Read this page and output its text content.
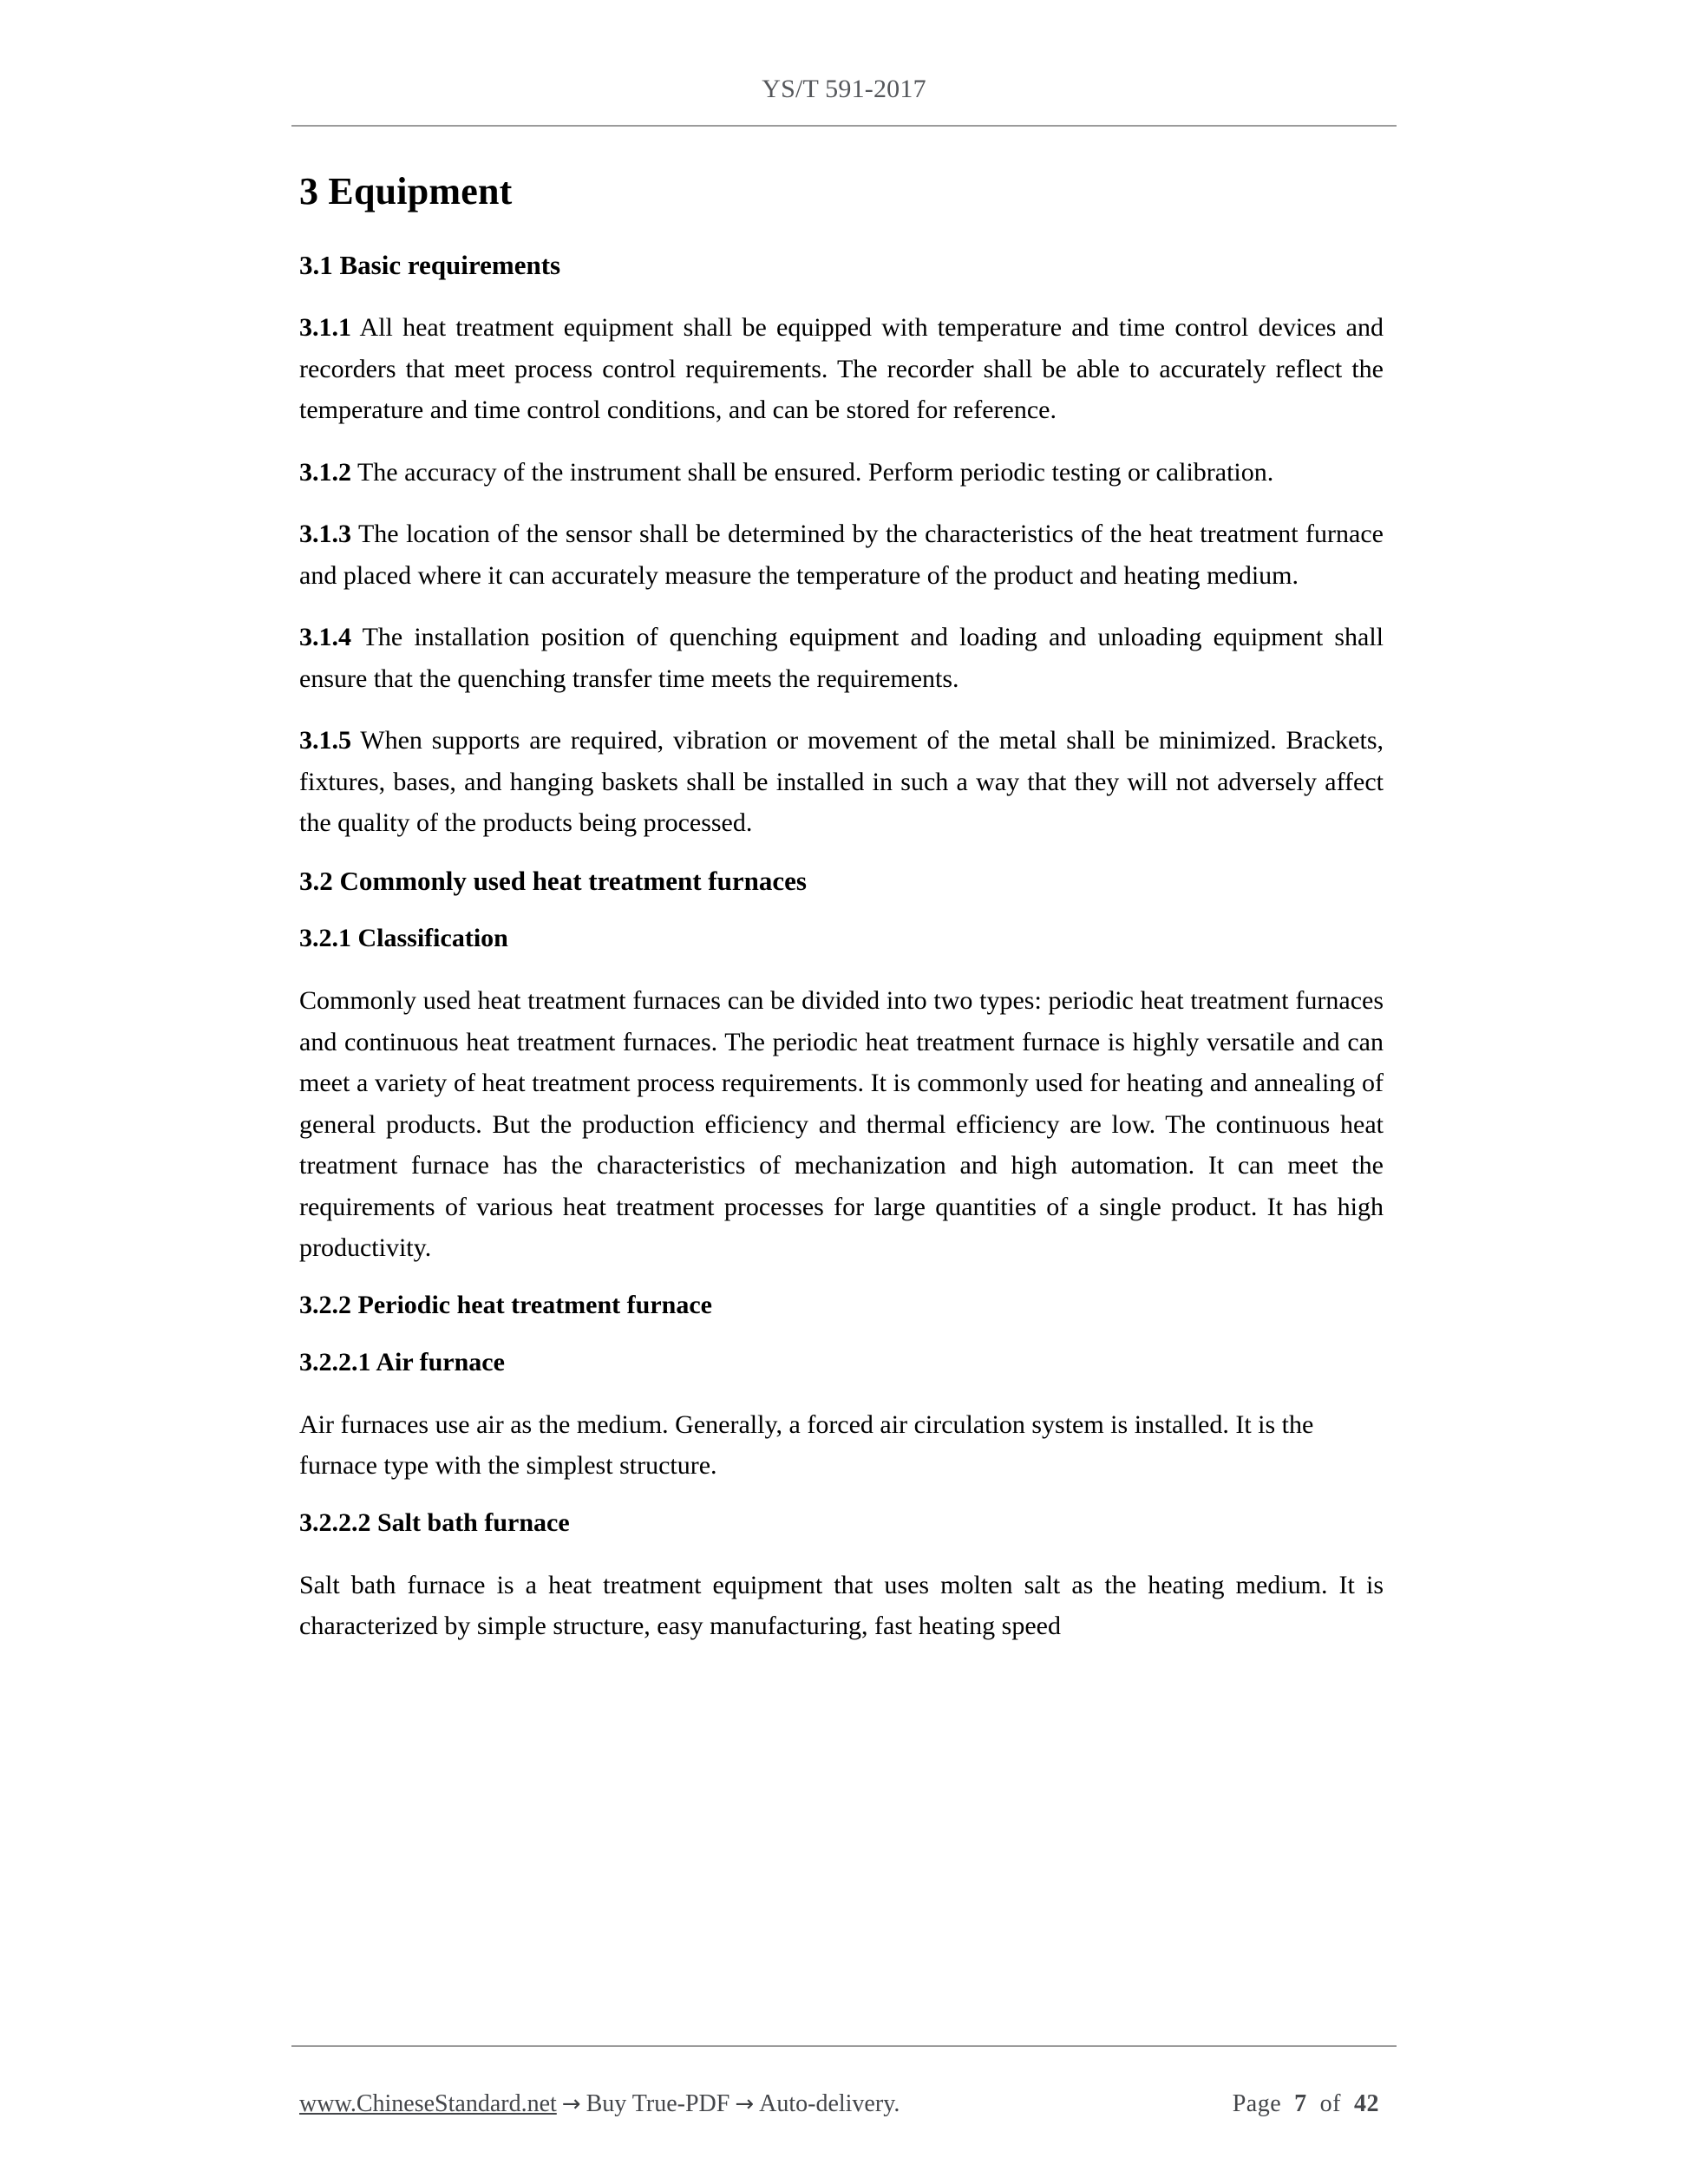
YS/T 591-2017
3 Equipment
3.1 Basic requirements

3.1.1 All heat treatment equipment shall be equipped with temperature and time control devices and recorders that meet process control requirements. The recorder shall be able to accurately reflect the temperature and time control conditions, and can be stored for reference.

3.1.2 The accuracy of the instrument shall be ensured. Perform periodic testing or calibration.

3.1.3 The location of the sensor shall be determined by the characteristics of the heat treatment furnace and placed where it can accurately measure the temperature of the product and heating medium.

3.1.4 The installation position of quenching equipment and loading and unloading equipment shall ensure that the quenching transfer time meets the requirements.

3.1.5 When supports are required, vibration or movement of the metal shall be minimized. Brackets, fixtures, bases, and hanging baskets shall be installed in such a way that they will not adversely affect the quality of the products being processed.

3.2 Commonly used heat treatment furnaces
3.2.1 Classification

Commonly used heat treatment furnaces can be divided into two types: periodic heat treatment furnaces and continuous heat treatment furnaces. The periodic heat treatment furnace is highly versatile and can meet a variety of heat treatment process requirements. It is commonly used for heating and annealing of general products. But the production efficiency and thermal efficiency are low. The continuous heat treatment furnace has the characteristics of mechanization and high automation. It can meet the requirements of various heat treatment processes for large quantities of a single product. It has high productivity.

3.2.2 Periodic heat treatment furnace
3.2.2.1 Air furnace

Air furnaces use air as the medium. Generally, a forced air circulation system is installed. It is the furnace type with the simplest structure.

3.2.2.2 Salt bath furnace

Salt bath furnace is a heat treatment equipment that uses molten salt as the heating medium. It is characterized by simple structure, easy manufacturing, fast heating speed

www.ChineseStandard.net → Buy True-PDF → Auto-delivery.	Page 7 of 42
